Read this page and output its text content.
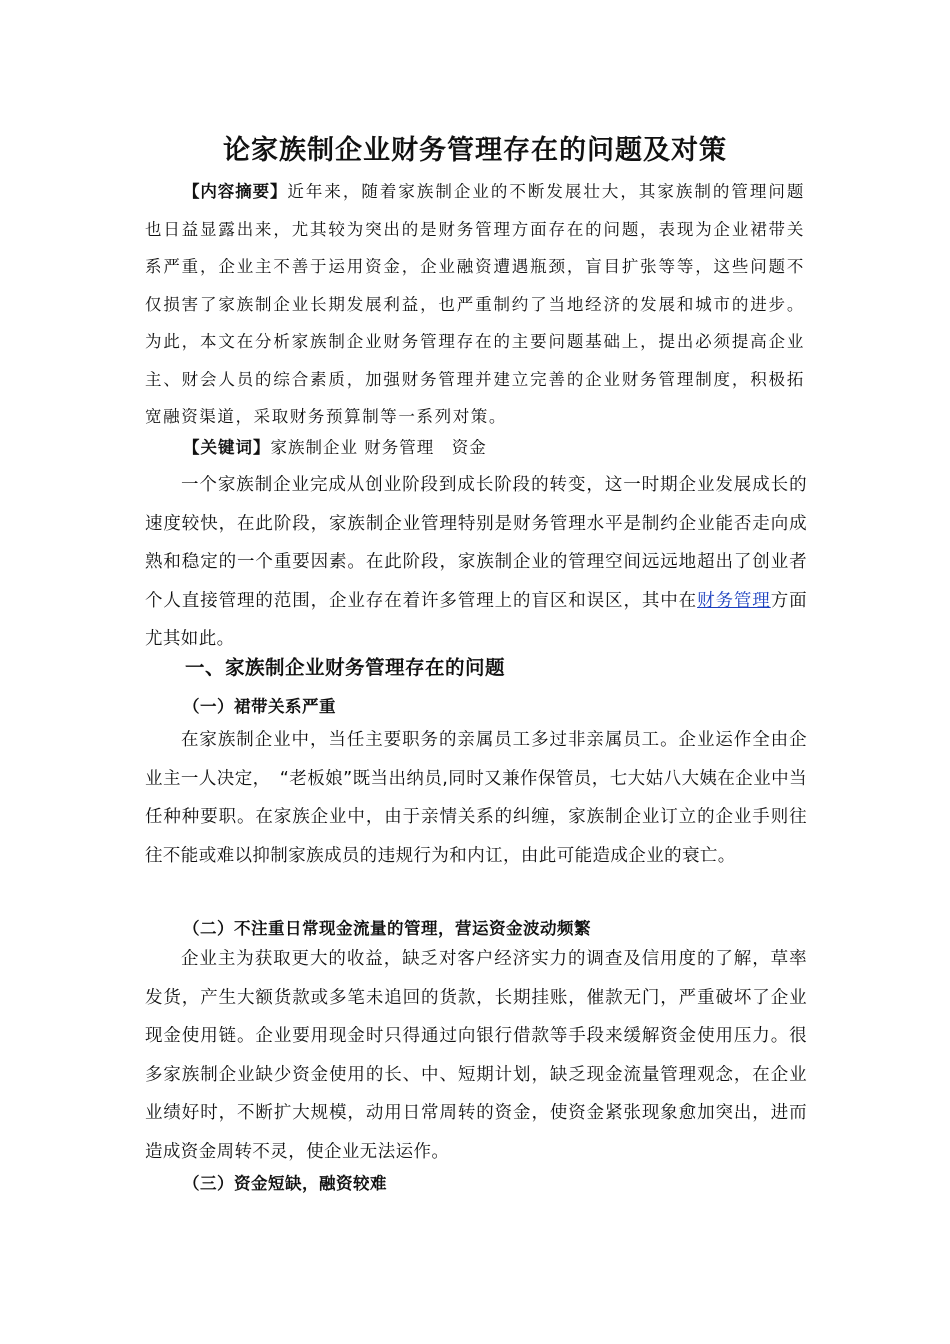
论家族制企业财务管理存在的问题及对策

【内容摘要】近年来，随着家族制企业的不断发展壮大，其家族制的管理问题也日益显露出来，尤其较为突出的是财务管理方面存在的问题，表现为企业裙带关系严重，企业主不善于运用资金，企业融资遭遇瓶颈，盲目扩张等等，这些问题不仅损害了家族制企业长期发展利益，也严重制约了当地经济的发展和城市的进步。为此，本文在分析家族制企业财务管理存在的主要问题基础上，提出必须提高企业主、财会人员的综合素质，加强财务管理并建立完善的企业财务管理制度，积极拓宽融资渠道，采取财务预算制等一系列对策。

【关键词】家族制企业 财务管理　资金

一个家族制企业完成从创业阶段到成长阶段的转变，这一时期企业发展成长的速度较快，在此阶段，家族制企业管理特别是财务管理水平是制约企业能否走向成熟和稳定的一个重要因素。在此阶段，家族制企业的管理空间远远地超出了创业者个人直接管理的范围，企业存在着许多管理上的盲区和误区，其中在财务管理方面尤其如此。

一、家族制企业财务管理存在的问题
（一）裙带关系严重

在家族制企业中，当任主要职务的亲属员工多过非亲属员工。企业运作全由企业主一人决定，　“老板娘”既当出纳员,同时又兼作保管员，七大姑八大姨在企业中当任种种要职。在家族企业中，由于亲情关系的纠缠，家族制企业订立的企业手则往往不能或难以抑制家族成员的违规行为和内讧，由此可能造成企业的衰亡。

（二）不注重日常现金流量的管理，营运资金波动频繁

企业主为获取更大的收益，缺乏对客户经济实力的调查及信用度的了解，草率发货，产生大额货款或多笔未追回的货款，长期挂账，催款无门，严重破坏了企业现金使用链。企业要用现金时只得通过向银行借款等手段来缓解资金使用压力。很多家族制企业缺少资金使用的长、中、短期计划，缺乏现金流量管理观念，在企业业绩好时，不断扩大规模，动用日常周转的资金，使资金紧张现象愈加突出，进而造成资金周转不灵，使企业无法运作。

（三）资金短缺，融资较难
